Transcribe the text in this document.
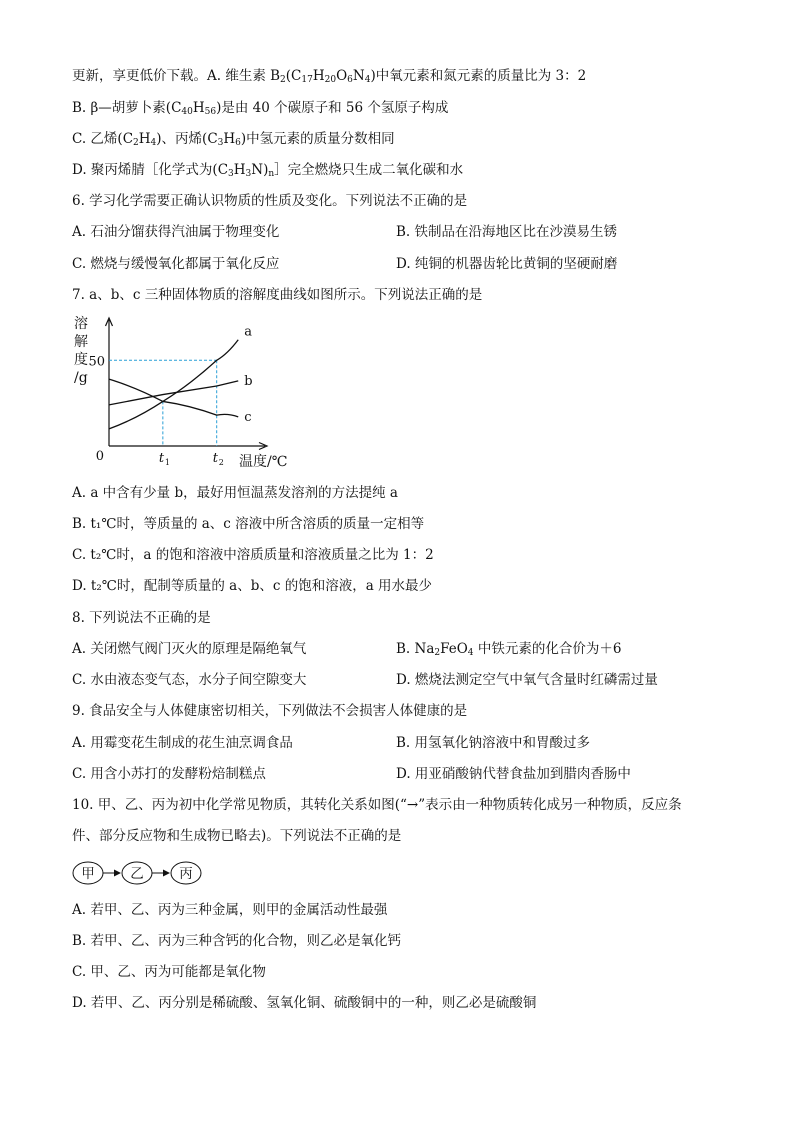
更新，享更低价下载。A. 维生素 $B_2(C_{17}H_{20}O_6N_4)$中氧元素和氮元素的质量比为 3：2
B. β—胡萝卜素$(C_{40}H_{56})$是由 40 个碳原子和 56 个氢原子构成
C. 乙烯$(C_2H_4)$、丙烯$(C_3H_6)$中氢元素的质量分数相同
D. 聚丙烯腈［化学式为$(C_3H_3N)_n]$完全燃烧只生成二氧化碳和水
6. 学习化学需要正确认识物质的性质及变化。下列说法不正确的是
A. 石油分馏获得汽油属于物理变化	B. 铁制品在沿海地区比在沙漠易生锈
C. 燃烧与缓慢氧化都属于氧化反应	D. 纯铜的机器齿轮比黄铜的坚硬耐磨
7. a、b、c 三种固体物质的溶解度曲线如图所示。下列说法正确的是
溶
解
度
/g
0
50
t 1	t 2 温度/℃
a
b
c
A. a 中含有少量 b，最好用恒温蒸发溶剂的方法提纯 a
B. t₁℃时，等质量的 a、c 溶液中所含溶质的质量一定相等
C. t₂℃时，a 的饱和溶液中溶质质量和溶液质量之比为 1：2
D. t₂℃时，配制等质量的 a、b、c 的饱和溶液，a 用水最少
8. 下列说法不正确的是
A. 关闭燃气阀门灭火的原理是隔绝氧气	B. $Na_2FeO_4$ 中铁元素的化合价为＋6
C. 水由液态变气态，水分子间空隙变大	D. 燃烧法测定空气中氧气含量时红磷需过量
9. 食品安全与人体健康密切相关，下列做法不会损害人体健康的是
A. 用霉变花生制成的花生油烹调食品	B. 用氢氧化钠溶液中和胃酸过多
C. 用含小苏打的发酵粉焙制糕点	D. 用亚硝酸钠代替食盐加到腊肉香肠中
10. 甲、乙、丙为初中化学常见物质，其转化关系如图(“→”表示由一种物质转化成另一种物质，反应条
件、部分反应物和生成物已略去)。下列说法不正确的是
甲	乙	丙
A. 若甲、乙、丙为三种金属，则甲的金属活动性最强
B. 若甲、乙、丙为三种含钙的化合物，则乙必是氧化钙
C. 甲、乙、丙为可能都是氧化物
D. 若甲、乙、丙分别是稀硫酸、氢氧化铜、硫酸铜中的一种，则乙必是硫酸铜
